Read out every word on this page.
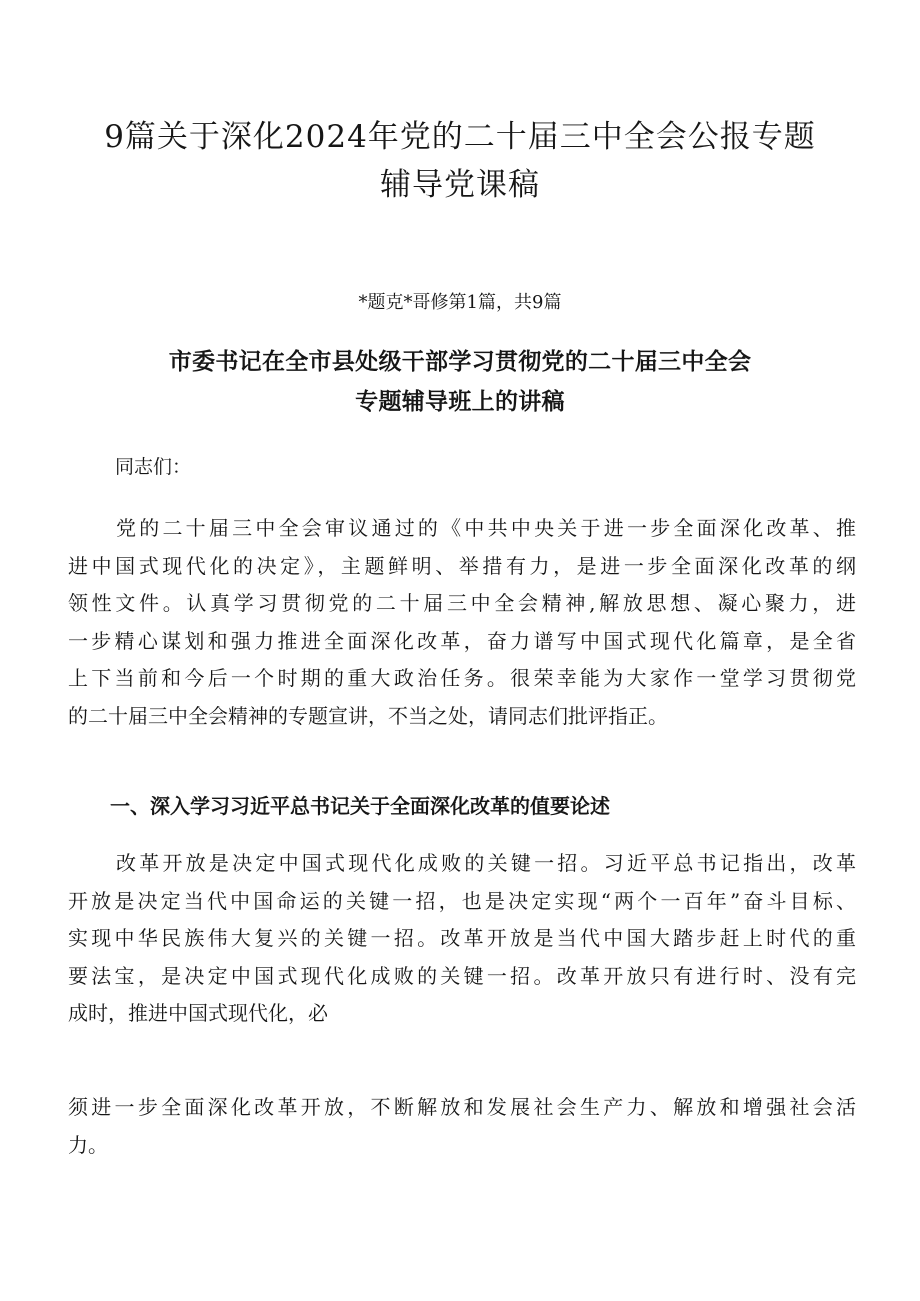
9篇关于深化2024年党的二十届三中全会公报专题
辅导党课稿
*题克*哥修第1篇，共9篇
市委书记在全市县处级干部学习贯彻党的二十届三中全会
专题辅导班上的讲稿
同志们：
党的二十届三中全会审议通过的《中共中央关于进一步全面深化改革、推
进中国式现代化的决定》，主题鲜明、举措有力，是进一步全面深化改革的纲
领性文件。认真学习贯彻党的二十届三中全会精神,解放思想、凝心聚力，进
一步精心谋划和强力推进全面深化改革，奋力谱写中国式现代化篇章，是全省
上下当前和今后一个时期的重大政治任务。很荣幸能为大家作一堂学习贯彻党
的二十届三中全会精神的专题宣讲，不当之处，请同志们批评指正。
一、深入学习习近平总书记关于全面深化改革的值要论述
改革开放是决定中国式现代化成败的关键一招。习近平总书记指出，改革
开放是决定当代中国命运的关键一招，也是决定实现“两个一百年”奋斗目标、
实现中华民族伟大复兴的关键一招。改革开放是当代中国大踏步赶上时代的重
要法宝，是决定中国式现代化成败的关键一招。改革开放只有进行时、没有完
成时，推进中国式现代化，必
须进一步全面深化改革开放，不断解放和发展社会生产力、解放和增强社会活
力。
